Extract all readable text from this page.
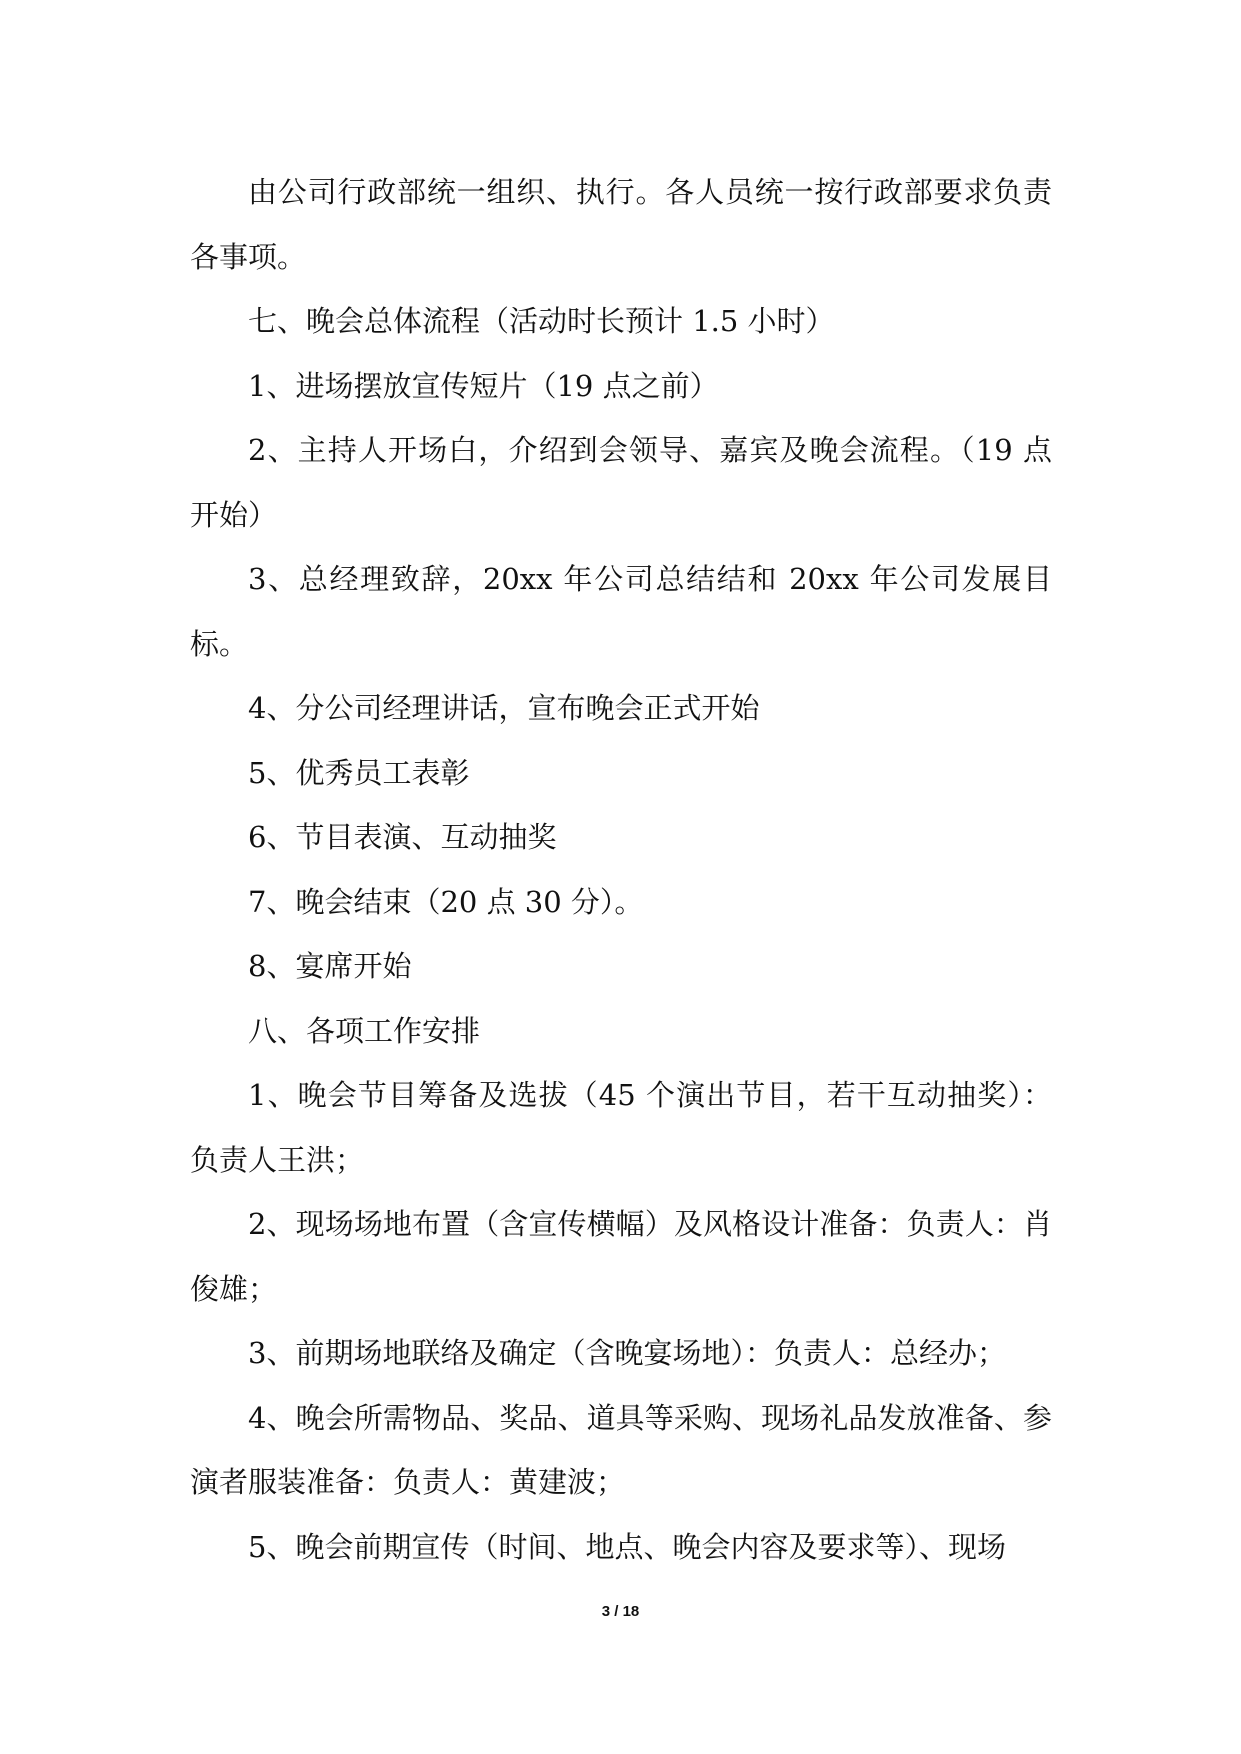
由公司行政部统一组织、执行。各人员统一按行政部要求负责各事项。

七、晚会总体流程（活动时长预计 1.5 小时）

1、进场摆放宣传短片（19 点之前）

2、主持人开场白，介绍到会领导、嘉宾及晚会流程。（19 点开始）

3、总经理致辞，20xx 年公司总结结和 20xx 年公司发展目标。

4、分公司经理讲话，宣布晚会正式开始

5、优秀员工表彰

6、节目表演、互动抽奖

7、晚会结束（20 点 30 分）。

8、宴席开始

八、各项工作安排

1、晚会节目筹备及选拔（45 个演出节目，若干互动抽奖）：负责人王洪；

2、现场场地布置（含宣传横幅）及风格设计准备：负责人：肖俊雄；

3、前期场地联络及确定（含晚宴场地）：负责人：总经办；

4、晚会所需物品、奖品、道具等采购、现场礼品发放准备、参演者服装准备：负责人：黄建波；

5、晚会前期宣传（时间、地点、晚会内容及要求等）、现场

3 / 18
